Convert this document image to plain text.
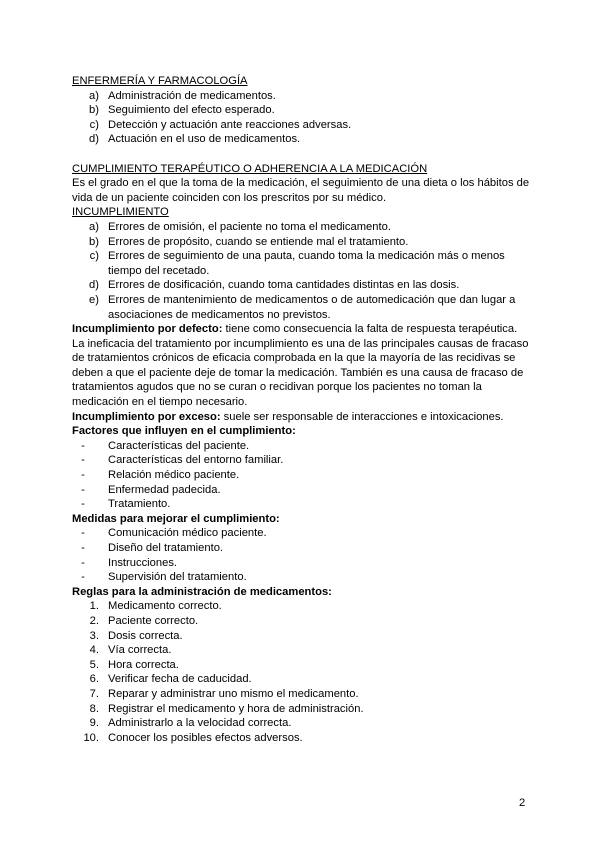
ENFERMERÍA Y FARMACOLOGÍA

a) Administración de medicamentos.
b) Seguimiento del efecto esperado.
c) Detección y actuación ante reacciones adversas.
d) Actuación en el uso de medicamentos.

CUMPLIMIENTO TERAPÉUTICO O ADHERENCIA A LA MEDICACIÓN

Es el grado en el que la toma de la medicación, el seguimiento de una dieta o los hábitos de vida de un paciente coinciden con los prescritos por su médico.

INCUMPLIMIENTO

a) Errores de omisión, el paciente no toma el medicamento.
b) Errores de propósito, cuando se entiende mal el tratamiento.
c) Errores de seguimiento de una pauta, cuando toma la medicación más o menos tiempo del recetado.
d) Errores de dosificación, cuando toma cantidades distintas en las dosis.
e) Errores de mantenimiento de medicamentos o de automedicación que dan lugar a asociaciones de medicamentos no previstos.

Incumplimiento por defecto: tiene como consecuencia la falta de respuesta terapéutica.

La ineficacia del tratamiento por incumplimiento es una de las principales causas de fracaso de tratamientos crónicos de eficacia comprobada en la que la mayoría de las recidivas se deben a que el paciente deje de tomar la medicación. También es una causa de fracaso de tratamientos agudos que no se curan o recidivan porque los pacientes no toman la medicación en el tiempo necesario.

Incumplimiento por exceso: suele ser responsable de interacciones e intoxicaciones.

Factores que influyen en el cumplimiento:

-	Características del paciente.
-	Características del entorno familiar.
-	Relación médico paciente.
-	Enfermedad padecida.
-	Tratamiento.

Medidas para mejorar el cumplimiento:

-	Comunicación médico paciente.
-	Diseño del tratamiento.
-	Instrucciones.
-	Supervisión del tratamiento.

Reglas para la administración de medicamentos:

1. Medicamento correcto.
2. Paciente correcto.
3. Dosis correcta.
4. Vía correcta.
5. Hora correcta.
6. Verificar fecha de caducidad.
7. Reparar y administrar uno mismo el medicamento.
8. Registrar el medicamento y hora de administración.
9. Administrarlo a la velocidad correcta.
10. Conocer los posibles efectos adversos.
2
